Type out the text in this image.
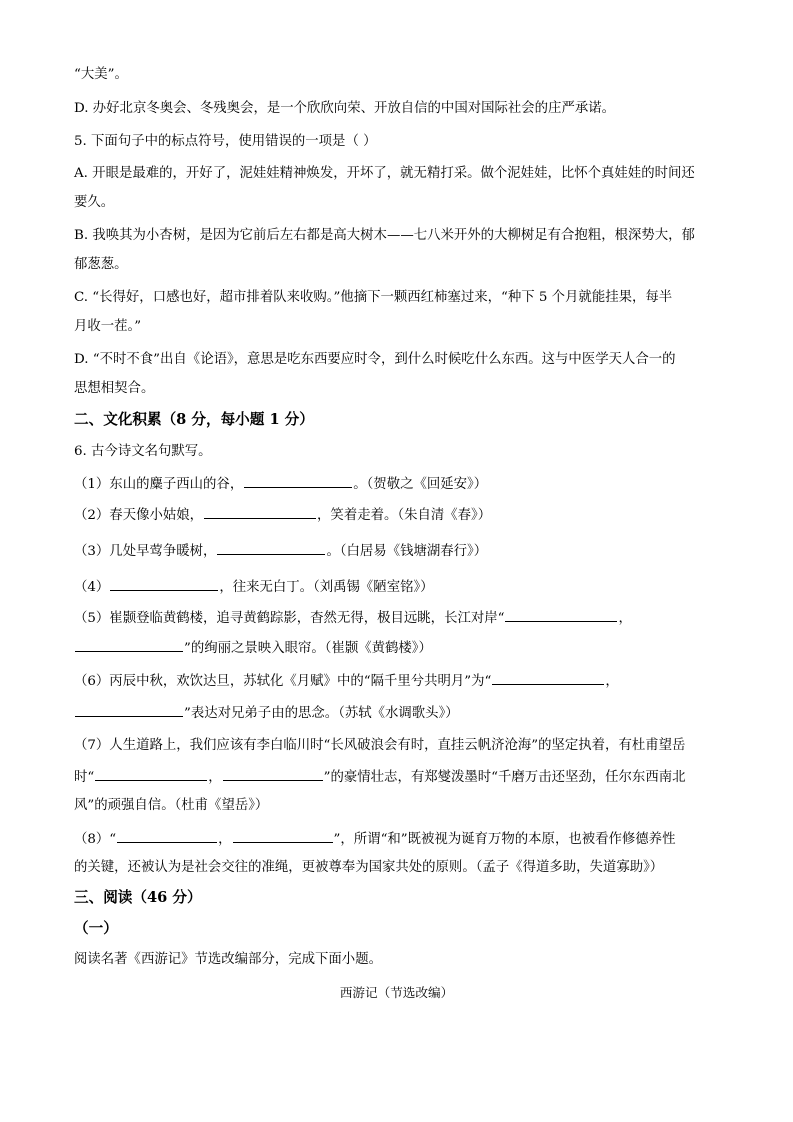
“大美”。
D. 办好北京冬奥会、冬残奥会，是一个欣欣向荣、开放自信的中国对国际社会的庄严承诺。
5. 下面句子中的标点符号，使用错误的一项是（ ）
A. 开眼是最难的，开好了，泥娃娃精神焕发，开坏了，就无精打采。做个泥娃娃，比怀个真娃娃的时间还
要久。
B. 我唤其为小杏树，是因为它前后左右都是高大树木——七八米开外的大柳树足有合抱粗，根深势大，郁
郁葱葱。
C. “长得好，口感也好，超市排着队来收购。”他摘下一颗西红柿塞过来，“种下 5 个月就能挂果，每半
月收一茬。”
D. “不时不食”出自《论语》，意思是吃东西要应时令，到什么时候吃什么东西。这与中医学天人合一的
思想相契合。
二、文化积累（8 分，每小题 1 分）
6. 古今诗文名句默写。
（1）东山的麋子西山的谷，	。（贺敬之《回延安》）
（2）春天像小姑娘，	，笑着走着。（朱自清《春》）
（3）几处早莺争暖树，	。（白居易《钱塘湖春行》）
（4）	，往来无白丁。（刘禹锡《陋室铭》）
（5）崔颢登临黄鹤楼，追寻黄鹤踪影，杳然无得，极目远眺，长江对岸“	，
”的绚丽之景映入眼帘。（崔颢《黄鹤楼》）
（6）丙辰中秋，欢饮达旦，苏轼化《月赋》中的“隔千里兮共明月”为“	，
”表达对兄弟子由的思念。（苏轼《水调歌头》）
（7）人生道路上，我们应该有李白临川时“长风破浪会有时，直挂云帆济沧海”的坚定执着，有杜甫望岳
时“	，	”的豪情壮志，有郑燮泼墨时“千磨万击还坚劲，任尔东西南北
风”的顽强自信。（杜甫《望岳》）
（8）“	，	”，所谓“和”既被视为诞育万物的本原，也被看作修德养性
的关键，还被认为是社会交往的准绳，更被尊奉为国家共处的原则。（孟子《得道多助，失道寡助》）
三、阅读（46 分）
（一）
阅读名著《西游记》节选改编部分，完成下面小题。
西游记（节选改编）
